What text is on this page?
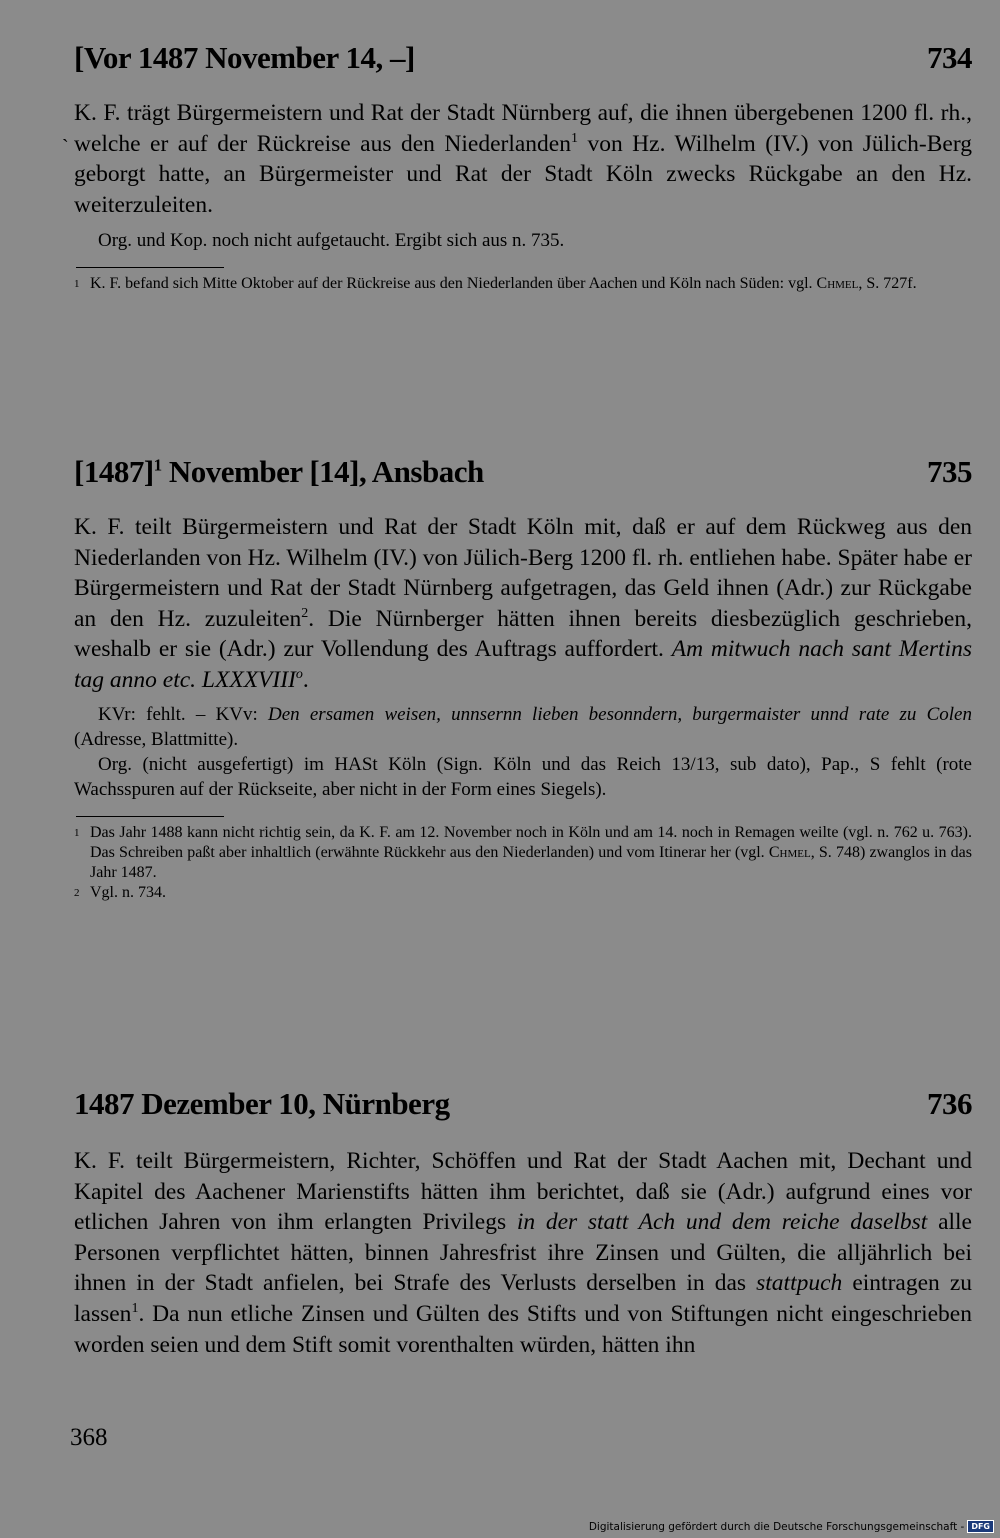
`
[Vor 1487 November 14, –]	734

K. F. trägt Bürgermeistern und Rat der Stadt Nürnberg auf, die ihnen übergebenen 1200 fl. rh., welche er auf der Rückreise aus den Niederlanden$^1$ von Hz. Wilhelm (IV.) von Jülich-Berg geborgt hatte, an Bürgermeister und Rat der Stadt Köln zwecks Rückgabe an den Hz. weiterzuleiten.

Org. und Kop. noch nicht aufgetaucht. Ergibt sich aus n. 735.

1 K. F. befand sich Mitte Oktober auf der Rückreise aus den Niederlanden über Aachen und Köln nach Süden: vgl. Chmel, S. 727f.
$[1487]^1$ November [14], Ansbach	735

K. F. teilt Bürgermeistern und Rat der Stadt Köln mit, daß er auf dem Rückweg aus den Niederlanden von Hz. Wilhelm (IV.) von Jülich-Berg 1200 fl. rh. entliehen habe. Später habe er Bürgermeistern und Rat der Stadt Nürnberg aufgetragen, das Geld ihnen (Adr.) zur Rückgabe an den Hz. zuzuleiten$^2$. Die Nürnberger hätten ihnen bereits diesbezüglich geschrieben, weshalb er sie (Adr.) zur Vollendung des Auftrags auffordert. Am mitwuch nach sant Mertins tag anno etc. LXXXVIII$^o$.

KVr: fehlt. – KVv: Den ersamen weisen, unnsernn lieben besonndern, burgermaister unnd rate zu Colen (Adresse, Blattmitte).

Org. (nicht ausgefertigt) im HASt Köln (Sign. Köln und das Reich 13/13, sub dato), Pap., S fehlt (rote Wachsspuren auf der Rückseite, aber nicht in der Form eines Siegels).

1 Das Jahr 1488 kann nicht richtig sein, da K. F. am 12. November noch in Köln und am 14. noch in Remagen weilte (vgl. n. 762 u. 763). Das Schreiben paßt aber inhaltlich (erwähnte Rückkehr aus den Niederlanden) und vom Itinerar her (vgl. Chmel, S. 748) zwanglos in das Jahr 1487.
2 Vgl. n. 734.
1487 Dezember 10, Nürnberg	736

K. F. teilt Bürgermeistern, Richter, Schöffen und Rat der Stadt Aachen mit, Dechant und Kapitel des Aachener Marienstifts hätten ihm berichtet, daß sie (Adr.) aufgrund eines vor etlichen Jahren von ihm erlangten Privilegs in der statt Ach und dem reiche daselbst alle Personen verpflichtet hätten, binnen Jahresfrist ihre Zinsen und Gülten, die alljährlich bei ihnen in der Stadt anfielen, bei Strafe des Verlusts derselben in das stattpuch eintragen zu lassen$^1$. Da nun etliche Zinsen und Gülten des Stifts und von Stiftungen nicht eingeschrieben worden seien und dem Stift somit vorenthalten würden, hätten ihn

368
Digitalisierung gefördert durch die Deutsche Forschungsgemeinschaft - DFG
